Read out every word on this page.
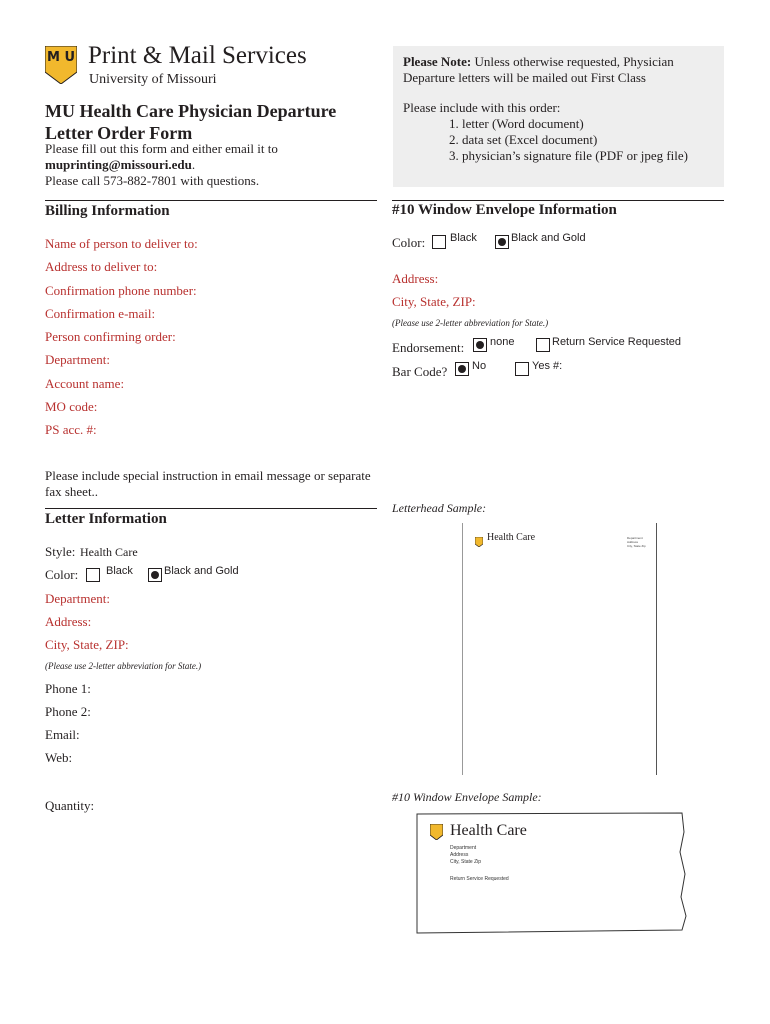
M U Print & Mail Services
University of Missouri
MU Health Care Physician Departure
Letter Order Form
Please fill out this form and either email it to
muprinting@missouri.edu.
Please call 573-882-7801 with questions.
Please Note: Unless otherwise requested, Physician
Departure letters will be mailed out First Class
Please include with this order:
1. letter (Word document)
2. data set (Excel document)
3. physician’s signature file (PDF or jpeg file)
Billing Information
Name of person to deliver to:
Address to deliver to:
Confirmation phone number:
Confirmation e-mail:
Person confirming order:
Department:
Account name:
MO code:
PS acc. #:
Please include special instruction in email message or separate
fax sheet..
#10 Window Envelope Information
Color: Black	Black and Gold
Address:
City, State, ZIP:
(Please use 2-letter abbreviation for State.)
Endorsement: none	Return Service Requested
Bar Code? No	Yes #:
Letter Information
Style: Health Care
Color:	Black	Black and Gold
Department:
Address:
City, State, ZIP:
(Please use 2-letter abbreviation for State.)
Phone 1:
Phone 2:
Email:
Web:
Quantity:
Letterhead Sample:
Health Care	Department
Address
City, State Zip
#10 Window Envelope Sample:
Health Care
Department
Address
City, State Zip
Return Service Requested
